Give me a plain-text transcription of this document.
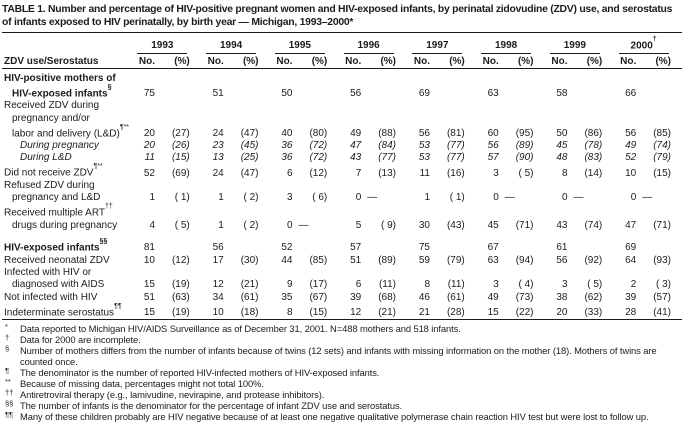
TABLE 1. Number and percentage of HIV-positive pregnant women and HIV-exposed infants, by perinatal zidovudine (ZDV) use, and serostatus of infants exposed to HIV perinatally, by birth year — Michigan, 1993–2000*
	1993		1994		1995		1996		1997		1998		1999		2000†
ZDV use/Serostatus	No.	(%)	No.	(%)	No.	(%)	No.	(%)	No.	(%)	No.	(%)	No.	(%)	No.	(%)
HIV-positive mothers of																
HIV-exposed infants§	75		51		50		56		69		63		58		66	
Received ZDV during																
pregnancy and/or																
labor and delivery (L&D)¶**	20	(27)	24	(47)	40	(80)	49	(88)	56	(81)	60	(95)	50	(86)	56	(85)
During pregnancy	20	(26)	23	(45)	36	(72)	47	(84)	53	(77)	56	(89)	45	(78)	49	(74)
During L&D	11	(15)	13	(25)	36	(72)	43	(77)	53	(77)	57	(90)	48	(83)	52	(79)
Did not receive ZDV¶**	52	(69)	24	(47)	6	(12)	7	(13)	11	(16)	3	( 5)	8	(14)	10	(15)
Refused ZDV during																
pregnancy and L&D	1	( 1)	1	( 2)	3	( 6)	0	—	1	( 1)	0	—	0	—	0	—
Received multiple ART††																
drugs during pregnancy	4	( 5)	1	( 2)	0	—	5	( 9)	30	(43)	45	(71)	43	(74)	47	(71)

HIV-exposed infants§§	81		56		52		57		75		67		61		69	
Received neonatal ZDV	10	(12)	17	(30)	44	(85)	51	(89)	59	(79)	63	(94)	56	(92)	64	(93)
Infected with HIV or																
diagnosed with AIDS	15	(19)	12	(21)	9	(17)	6	(11)	8	(11)	3	( 4)	3	( 5)	2	( 3)
Not infected with HIV	51	(63)	34	(61)	35	(67)	39	(68)	46	(61)	49	(73)	38	(62)	39	(57)
Indeterminate serostatus¶¶	15	(19)	10	(18)	8	(15)	12	(21)	21	(28)	15	(22)	20	(33)	28	(41)
* Data reported to Michigan HIV/AIDS Surveillance as of December 31, 2001. N=488 mothers and 518 infants.
† Data for 2000 are incomplete.
§ Number of mothers differs from the number of infants because of twins (12 sets) and infants with missing information on the mother (18). Mothers of twins are counted once.
¶ The denominator is the number of reported HIV-infected mothers of HIV-exposed infants.
** Because of missing data, percentages might not total 100%.
†† Antiretroviral therapy (e.g., lamivudine, nevirapine, and protease inhibitors).
§§ The number of infants is the denominator for the percentage of infant ZDV use and serostatus.
¶¶ Many of these children probably are HIV negative because of at least one negative qualitative polymerase chain reaction HIV test but were lost to follow up.
